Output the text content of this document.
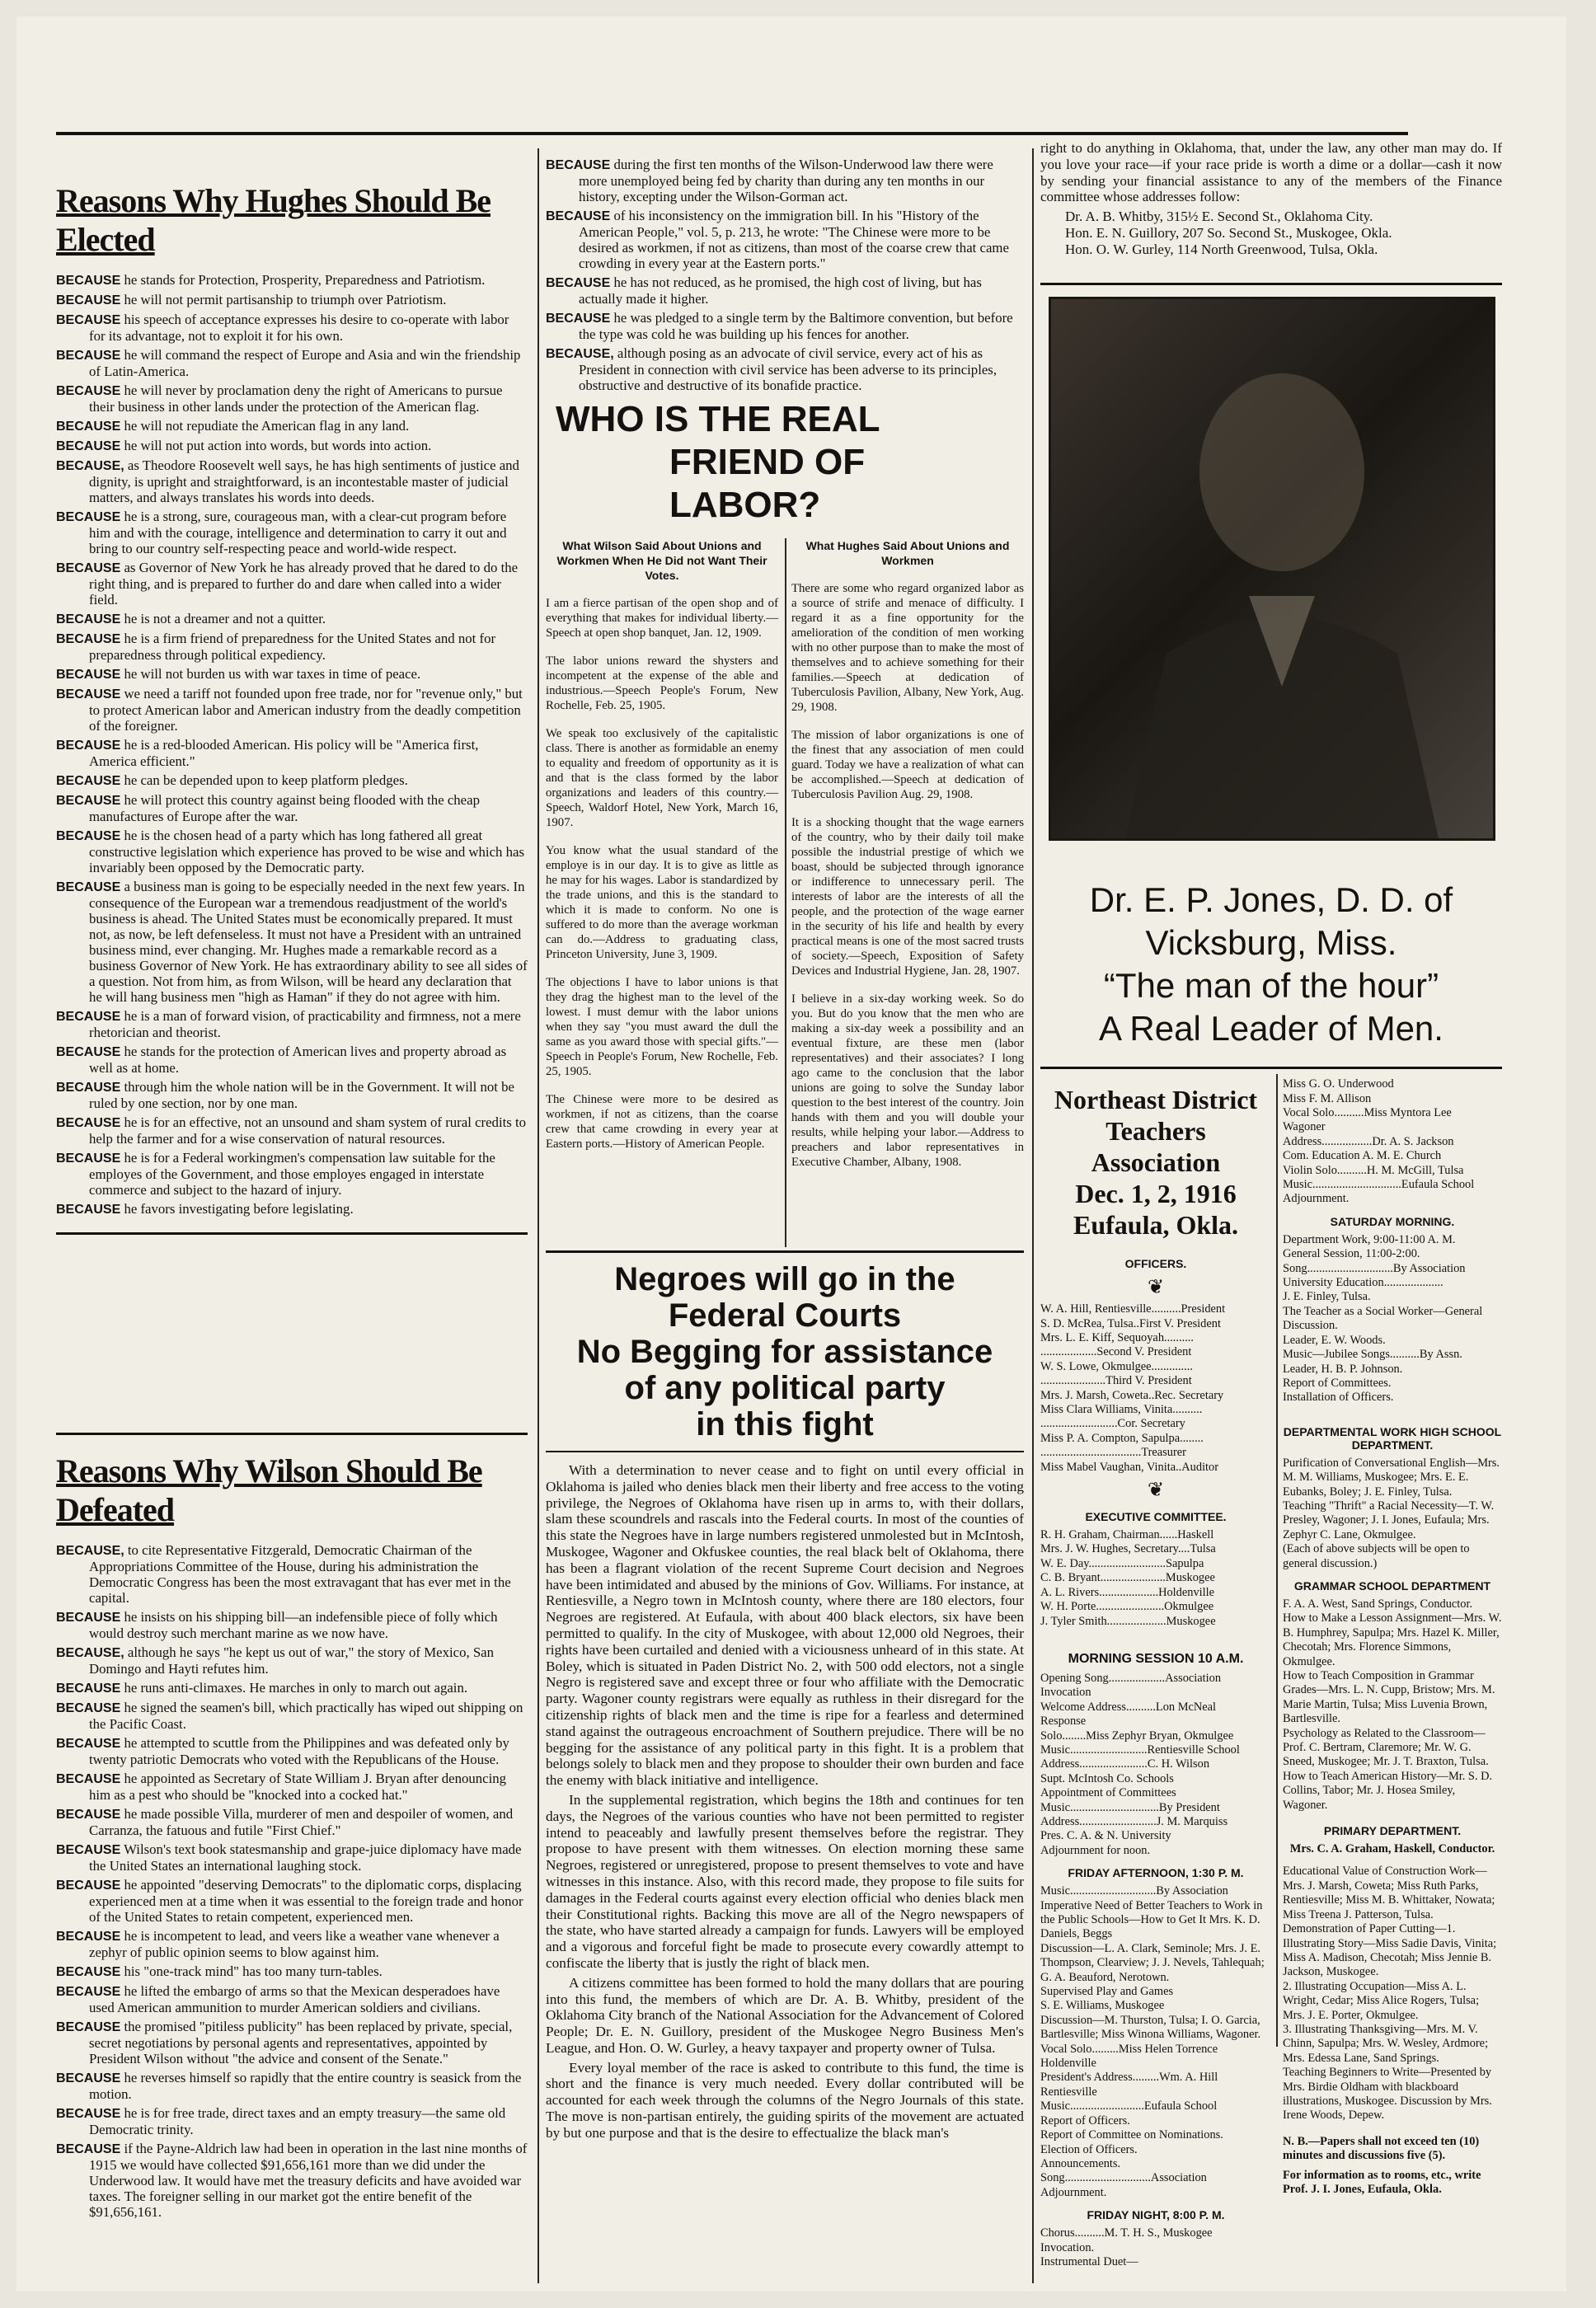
Reasons Why Hughes Should Be Elected

BECAUSE he stands for Protection, Prosperity, Preparedness and Patriotism.

BECAUSE he will not permit partisanship to triumph over Patriotism.

BECAUSE his speech of acceptance expresses his desire to co-operate with labor for its advantage, not to exploit it for his own.

BECAUSE he will command the respect of Europe and Asia and win the friendship of Latin-America.

BECAUSE he will never by proclamation deny the right of Americans to pursue their business in other lands under the protection of the American flag.

BECAUSE he will not repudiate the American flag in any land.

BECAUSE he will not put action into words, but words into action.

BECAUSE, as Theodore Roosevelt well says, he has high sentiments of justice and dignity, is upright and straightforward, is an incontestable master of judicial matters, and always translates his words into deeds.

BECAUSE he is a strong, sure, courageous man, with a clear-cut program before him and with the courage, intelligence and determination to carry it out and bring to our country self-respecting peace and world-wide respect.

BECAUSE as Governor of New York he has already proved that he dared to do the right thing, and is prepared to further do and dare when called into a wider field.

BECAUSE he is not a dreamer and not a quitter.

BECAUSE he is a firm friend of preparedness for the United States and not for preparedness through political expediency.

BECAUSE he will not burden us with war taxes in time of peace.

BECAUSE we need a tariff not founded upon free trade, nor for "revenue only," but to protect American labor and American industry from the deadly competition of the foreigner.

BECAUSE he is a red-blooded American. His policy will be "America first, America efficient."

BECAUSE he can be depended upon to keep platform pledges.

BECAUSE he will protect this country against being flooded with the cheap manufactures of Europe after the war.

BECAUSE he is the chosen head of a party which has long fathered all great constructive legislation which experience has proved to be wise and which has invariably been opposed by the Democratic party.

BECAUSE a business man is going to be especially needed in the next few years. In consequence of the European war a tremendous readjustment of the world's business is ahead. The United States must be economically prepared. It must not, as now, be left defenseless. It must not have a President with an untrained business mind, ever changing. Mr. Hughes made a remarkable record as a business Governor of New York. He has extraordinary ability to see all sides of a question. Not from him, as from Wilson, will be heard any declaration that he will hang business men "high as Haman" if they do not agree with him.

BECAUSE he is a man of forward vision, of practicability and firmness, not a mere rhetorician and theorist.

BECAUSE he stands for the protection of American lives and property abroad as well as at home.

BECAUSE through him the whole nation will be in the Government. It will not be ruled by one section, nor by one man.

BECAUSE he is for an effective, not an unsound and sham system of rural credits to help the farmer and for a wise conservation of natural resources.

BECAUSE he is for a Federal workingmen's compensation law suitable for the employes of the Government, and those employes engaged in interstate commerce and subject to the hazard of injury.

BECAUSE he favors investigating before legislating.

Reasons Why Wilson Should Be Defeated

BECAUSE, to cite Representative Fitzgerald, Democratic Chairman of the Appropriations Committee of the House, during his administration the Democratic Congress has been the most extravagant that has ever met in the capital.

BECAUSE he insists on his shipping bill—an indefensible piece of folly which would destroy such merchant marine as we now have.

BECAUSE, although he says "he kept us out of war," the story of Mexico, San Domingo and Hayti refutes him.

BECAUSE he runs anti-climaxes. He marches in only to march out again.

BECAUSE he signed the seamen's bill, which practically has wiped out shipping on the Pacific Coast.

BECAUSE he attempted to scuttle from the Philippines and was defeated only by twenty patriotic Democrats who voted with the Republicans of the House.

BECAUSE he appointed as Secretary of State William J. Bryan after denouncing him as a pest who should be "knocked into a cocked hat."

BECAUSE he made possible Villa, murderer of men and despoiler of women, and Carranza, the fatuous and futile "First Chief."

BECAUSE Wilson's text book statesmanship and grape-juice diplomacy have made the United States an international laughing stock.

BECAUSE he appointed "deserving Democrats" to the diplomatic corps, displacing experienced men at a time when it was essential to the foreign trade and honor of the United States to retain competent, experienced men.

BECAUSE he is incompetent to lead, and veers like a weather vane whenever a zephyr of public opinion seems to blow against him.

BECAUSE his "one-track mind" has too many turn-tables.

BECAUSE he lifted the embargo of arms so that the Mexican desperadoes have used American ammunition to murder American soldiers and civilians.

BECAUSE the promised "pitiless publicity" has been replaced by private, special, secret negotiations by personal agents and representatives, appointed by President Wilson without "the advice and consent of the Senate."

BECAUSE he reverses himself so rapidly that the entire country is seasick from the motion.

BECAUSE he is for free trade, direct taxes and an empty treasury—the same old Democratic trinity.

BECAUSE if the Payne-Aldrich law had been in operation in the last nine months of 1915 we would have collected $91,656,161 more than we did under the Underwood law. It would have met the treasury deficits and have avoided war taxes. The foreigner selling in our market got the entire benefit of the $91,656,161.

BECAUSE during the first ten months of the Wilson-Underwood law there were more unemployed being fed by charity than during any ten months in our history, excepting under the Wilson-Gorman act.

BECAUSE of his inconsistency on the immigration bill. In his "History of the American People," vol. 5, p. 213, he wrote: "The Chinese were more to be desired as workmen, if not as citizens, than most of the coarse crew that came crowding in every year at the Eastern ports."

BECAUSE he has not reduced, as he promised, the high cost of living, but has actually made it higher.

BECAUSE he was pledged to a single term by the Baltimore convention, but before the type was cold he was building up his fences for another.

BECAUSE, although posing as an advocate of civil service, every act of his as President in connection with civil service has been adverse to its principles, obstructive and destructive of its bonafide practice.

WHO IS THE REAL
FRIEND OF LABOR?
What Wilson Said About Unions and Workmen When He Did not Want Their Votes.

I am a fierce partisan of the open shop and of everything that makes for individual liberty.—Speech at open shop banquet, Jan. 12, 1909.

The labor unions reward the shysters and incompetent at the expense of the able and industrious.—Speech People's Forum, New Rochelle, Feb. 25, 1905.

We speak too exclusively of the capitalistic class. There is another as formidable an enemy to equality and freedom of opportunity as it is and that is the class formed by the labor organizations and leaders of this country.—Speech, Waldorf Hotel, New York, March 16, 1907.

You know what the usual standard of the employe is in our day. It is to give as little as he may for his wages. Labor is standardized by the trade unions, and this is the standard to which it is made to conform. No one is suffered to do more than the average workman can do.—Address to graduating class, Princeton University, June 3, 1909.

The objections I have to labor unions is that they drag the highest man to the level of the lowest. I must demur with the labor unions when they say "you must award the dull the same as you award those with special gifts."—Speech in People's Forum, New Rochelle, Feb. 25, 1905.

The Chinese were more to be desired as workmen, if not as citizens, than the coarse crew that came crowding in every year at Eastern ports.—History of American People.

What Hughes Said About Unions and Workmen

There are some who regard organized labor as a source of strife and menace of difficulty. I regard it as a fine opportunity for the amelioration of the condition of men working with no other purpose than to make the most of themselves and to achieve something for their families.—Speech at dedication of Tuberculosis Pavilion, Albany, New York, Aug. 29, 1908.

The mission of labor organizations is one of the finest that any association of men could guard. Today we have a realization of what can be accomplished.—Speech at dedication of Tuberculosis Pavilion Aug. 29, 1908.

It is a shocking thought that the wage earners of the country, who by their daily toil make possible the industrial prestige of which we boast, should be subjected through ignorance or indifference to unnecessary peril. The interests of labor are the interests of all the people, and the protection of the wage earner in the security of his life and health by every practical means is one of the most sacred trusts of society.—Speech, Exposition of Safety Devices and Industrial Hygiene, Jan. 28, 1907.

I believe in a six-day working week. So do you. But do you know that the men who are making a six-day week a possibility and an eventual fixture, are these men (labor representatives) and their associates? I long ago came to the conclusion that the labor unions are going to solve the Sunday labor question to the best interest of the country. Join hands with them and you will double your results, while helping your labor.—Address to preachers and labor representatives in Executive Chamber, Albany, 1908.

Negroes will go in the
Federal Courts
No Begging for assistance
of any political party
in this fight

With a determination to never cease and to fight on until every official in Oklahoma is jailed who denies black men their liberty and free access to the voting privilege, the Negroes of Oklahoma have risen up in arms to, with their dollars, slam these scoundrels and rascals into the Federal courts. In most of the counties of this state the Negroes have in large numbers registered unmolested but in McIntosh, Muskogee, Wagoner and Okfuskee counties, the real black belt of Oklahoma, there has been a flagrant violation of the recent Supreme Court decision and Negroes have been intimidated and abused by the minions of Gov. Williams. For instance, at Rentiesville, a Negro town in McIntosh county, where there are 180 electors, four Negroes are registered. At Eufaula, with about 400 black electors, six have been permitted to qualify. In the city of Muskogee, with about 12,000 old Negroes, their rights have been curtailed and denied with a viciousness unheard of in this state. At Boley, which is situated in Paden District No. 2, with 500 odd electors, not a single Negro is registered save and except three or four who affiliate with the Democratic party. Wagoner county registrars were equally as ruthless in their disregard for the citizenship rights of black men and the time is ripe for a fearless and determined stand against the outrageous encroachment of Southern prejudice. There will be no begging for the assistance of any political party in this fight. It is a problem that belongs solely to black men and they propose to shoulder their own burden and face the enemy with black initiative and intelligence.

In the supplemental registration, which begins the 18th and continues for ten days, the Negroes of the various counties who have not been permitted to register intend to peaceably and lawfully present themselves before the registrar. They propose to have present with them witnesses. On election morning these same Negroes, registered or unregistered, propose to present themselves to vote and have witnesses in this instance. Also, with this record made, they propose to file suits for damages in the Federal courts against every election official who denies black men their Constitutional rights. Backing this move are all of the Negro newspapers of the state, who have started already a campaign for funds. Lawyers will be employed and a vigorous and forceful fight be made to prosecute every cowardly attempt to confiscate the liberty that is justly the right of black men.

A citizens committee has been formed to hold the many dollars that are pouring into this fund, the members of which are Dr. A. B. Whitby, president of the Oklahoma City branch of the National Association for the Advancement of Colored People; Dr. E. N. Guillory, president of the Muskogee Negro Business Men's League, and Hon. O. W. Gurley, a heavy taxpayer and property owner of Tulsa.

Every loyal member of the race is asked to contribute to this fund, the time is short and the finance is very much needed. Every dollar contributed will be accounted for each week through the columns of the Negro Journals of this state. The move is non-partisan entirely, the guiding spirits of the movement are actuated by but one purpose and that is the desire to effectualize the black man's

right to do anything in Oklahoma, that, under the law, any other man may do. If you love your race—if your race pride is worth a dime or a dollar—cash it now by sending your financial assistance to any of the members of the Finance committee whose addresses follow:

Dr. A. B. Whitby, 315½ E. Second St., Oklahoma City.

Hon. E. N. Guillory, 207 So. Second St., Muskogee, Okla.

Hon. O. W. Gurley, 114 North Greenwood, Tulsa, Okla.

Dr. E. P. Jones, D. D. of
Vicksburg, Miss.
“The man of the hour”
A Real Leader of Men.
Northeast District
Teachers Association
Dec. 1, 2, 1916
Eufaula, Okla.
OFFICERS.
❦

W. A. Hill, Rentiesville..........President

S. D. McRea, Tulsa..First V. President

Mrs. L. E. Kiff, Sequoyah..........

...................Second V. President

W. S. Lowe, Okmulgee..............

......................Third V. President

Mrs. J. Marsh, Coweta..Rec. Secretary

Miss Clara Williams, Vinita..........

..........................Cor. Secretary

Miss P. A. Compton, Sapulpa........

..................................Treasurer

Miss Mabel Vaughan, Vinita..Auditor

❦
EXECUTIVE COMMITTEE.

R. H. Graham, Chairman......Haskell

Mrs. J. W. Hughes, Secretary....Tulsa

W. E. Day..........................Sapulpa

C. B. Bryant......................Muskogee

A. L. Rivers....................Holdenville

W. H. Porte.......................Okmulgee

J. Tyler Smith....................Muskogee

MORNING SESSION 10 A.M.

Opening Song...................Association

Invocation

Welcome Address..........Lon McNeal

Response

Solo........Miss Zephyr Bryan, Okmulgee

Music..........................Rentiesville School

Address.......................C. H. Wilson

Supt. McIntosh Co. Schools

Appointment of Committees

Music..............................By President

Address..........................J. M. Marquiss

Pres. C. A. & N. University

Adjournment for noon.

FRIDAY AFTERNOON, 1:30 P. M.

Music.............................By Association

Imperative Need of Better Teachers to Work in the Public Schools—How to Get It Mrs. K. D. Daniels, Beggs

Discussion—L. A. Clark, Seminole; Mrs. J. E. Thompson, Clearview; J. J. Nevels, Tahlequah; G. A. Beauford, Nerotown.

Supervised Play and Games

S. E. Williams, Muskogee

Discussion—M. Thurston, Tulsa; I. O. Garcia, Bartlesville; Miss Winona Williams, Wagoner.

Vocal Solo.........Miss Helen Torrence

Holdenville

President's Address.........Wm. A. Hill

Rentiesville

Music.........................Eufaula School

Report of Officers.

Report of Committee on Nominations.

Election of Officers.

Announcements.

Song.............................Association

Adjournment.

FRIDAY NIGHT, 8:00 P. M.

Chorus..........M. T. H. S., Muskogee

Invocation.

Instrumental Duet—

Miss G. O. Underwood

Miss F. M. Allison

Vocal Solo..........Miss Myntora Lee

Wagoner

Address.................Dr. A. S. Jackson

Com. Education A. M. E. Church

Violin Solo..........H. M. McGill, Tulsa

Music..............................Eufaula School

Adjournment.

SATURDAY MORNING.

Department Work, 9:00-11:00 A. M.

General Session, 11:00-2:00.

Song.............................By Association

University Education....................

J. E. Finley, Tulsa.

The Teacher as a Social Worker—General Discussion.

Leader, E. W. Woods.

Music—Jubilee Songs..........By Assn.

Leader, H. B. P. Johnson.

Report of Committees.

Installation of Officers.

DEPARTMENTAL WORK HIGH SCHOOL DEPARTMENT.

Purification of Conversational English—Mrs. M. M. Williams, Muskogee; Mrs. E. E. Eubanks, Boley; J. E. Finley, Tulsa.

Teaching "Thrift" a Racial Necessity—T. W. Presley, Wagoner; J. I. Jones, Eufaula; Mrs. Zephyr C. Lane, Okmulgee.

(Each of above subjects will be open to general discussion.)

GRAMMAR SCHOOL DEPARTMENT

F. A. A. West, Sand Springs, Conductor.

How to Make a Lesson Assignment—Mrs. W. B. Humphrey, Sapulpa; Mrs. Hazel K. Miller, Checotah; Mrs. Florence Simmons, Okmulgee.

How to Teach Composition in Grammar Grades—Mrs. L. N. Cupp, Bristow; Mrs. M. Marie Martin, Tulsa; Miss Luvenia Brown, Bartlesville.

Psychology as Related to the Classroom—Prof. C. Bertram, Claremore; Mr. W. G. Sneed, Muskogee; Mr. J. T. Braxton, Tulsa.

How to Teach American History—Mr. S. D. Collins, Tabor; Mr. J. Hosea Smiley, Wagoner.

PRIMARY DEPARTMENT.

Mrs. C. A. Graham, Haskell, Conductor.

Educational Value of Construction Work—Mrs. J. Marsh, Coweta; Miss Ruth Parks, Rentiesville; Miss M. B. Whittaker, Nowata; Miss Treena J. Patterson, Tulsa.

Demonstration of Paper Cutting—1. Illustrating Story—Miss Sadie Davis, Vinita; Miss A. Madison, Checotah; Miss Jennie B. Jackson, Muskogee.

2. Illustrating Occupation—Miss A. L. Wright, Cedar; Miss Alice Rogers, Tulsa; Mrs. J. E. Porter, Okmulgee.

3. Illustrating Thanksgiving—Mrs. M. V. Chinn, Sapulpa; Mrs. W. Wesley, Ardmore; Mrs. Edessa Lane, Sand Springs.

Teaching Beginners to Write—Presented by Mrs. Birdie Oldham with blackboard illustrations, Muskogee. Discussion by Mrs. Irene Woods, Depew.

N. B.—Papers shall not exceed ten (10) minutes and discussions five (5).

For information as to rooms, etc., write Prof. J. I. Jones, Eufaula, Okla.
